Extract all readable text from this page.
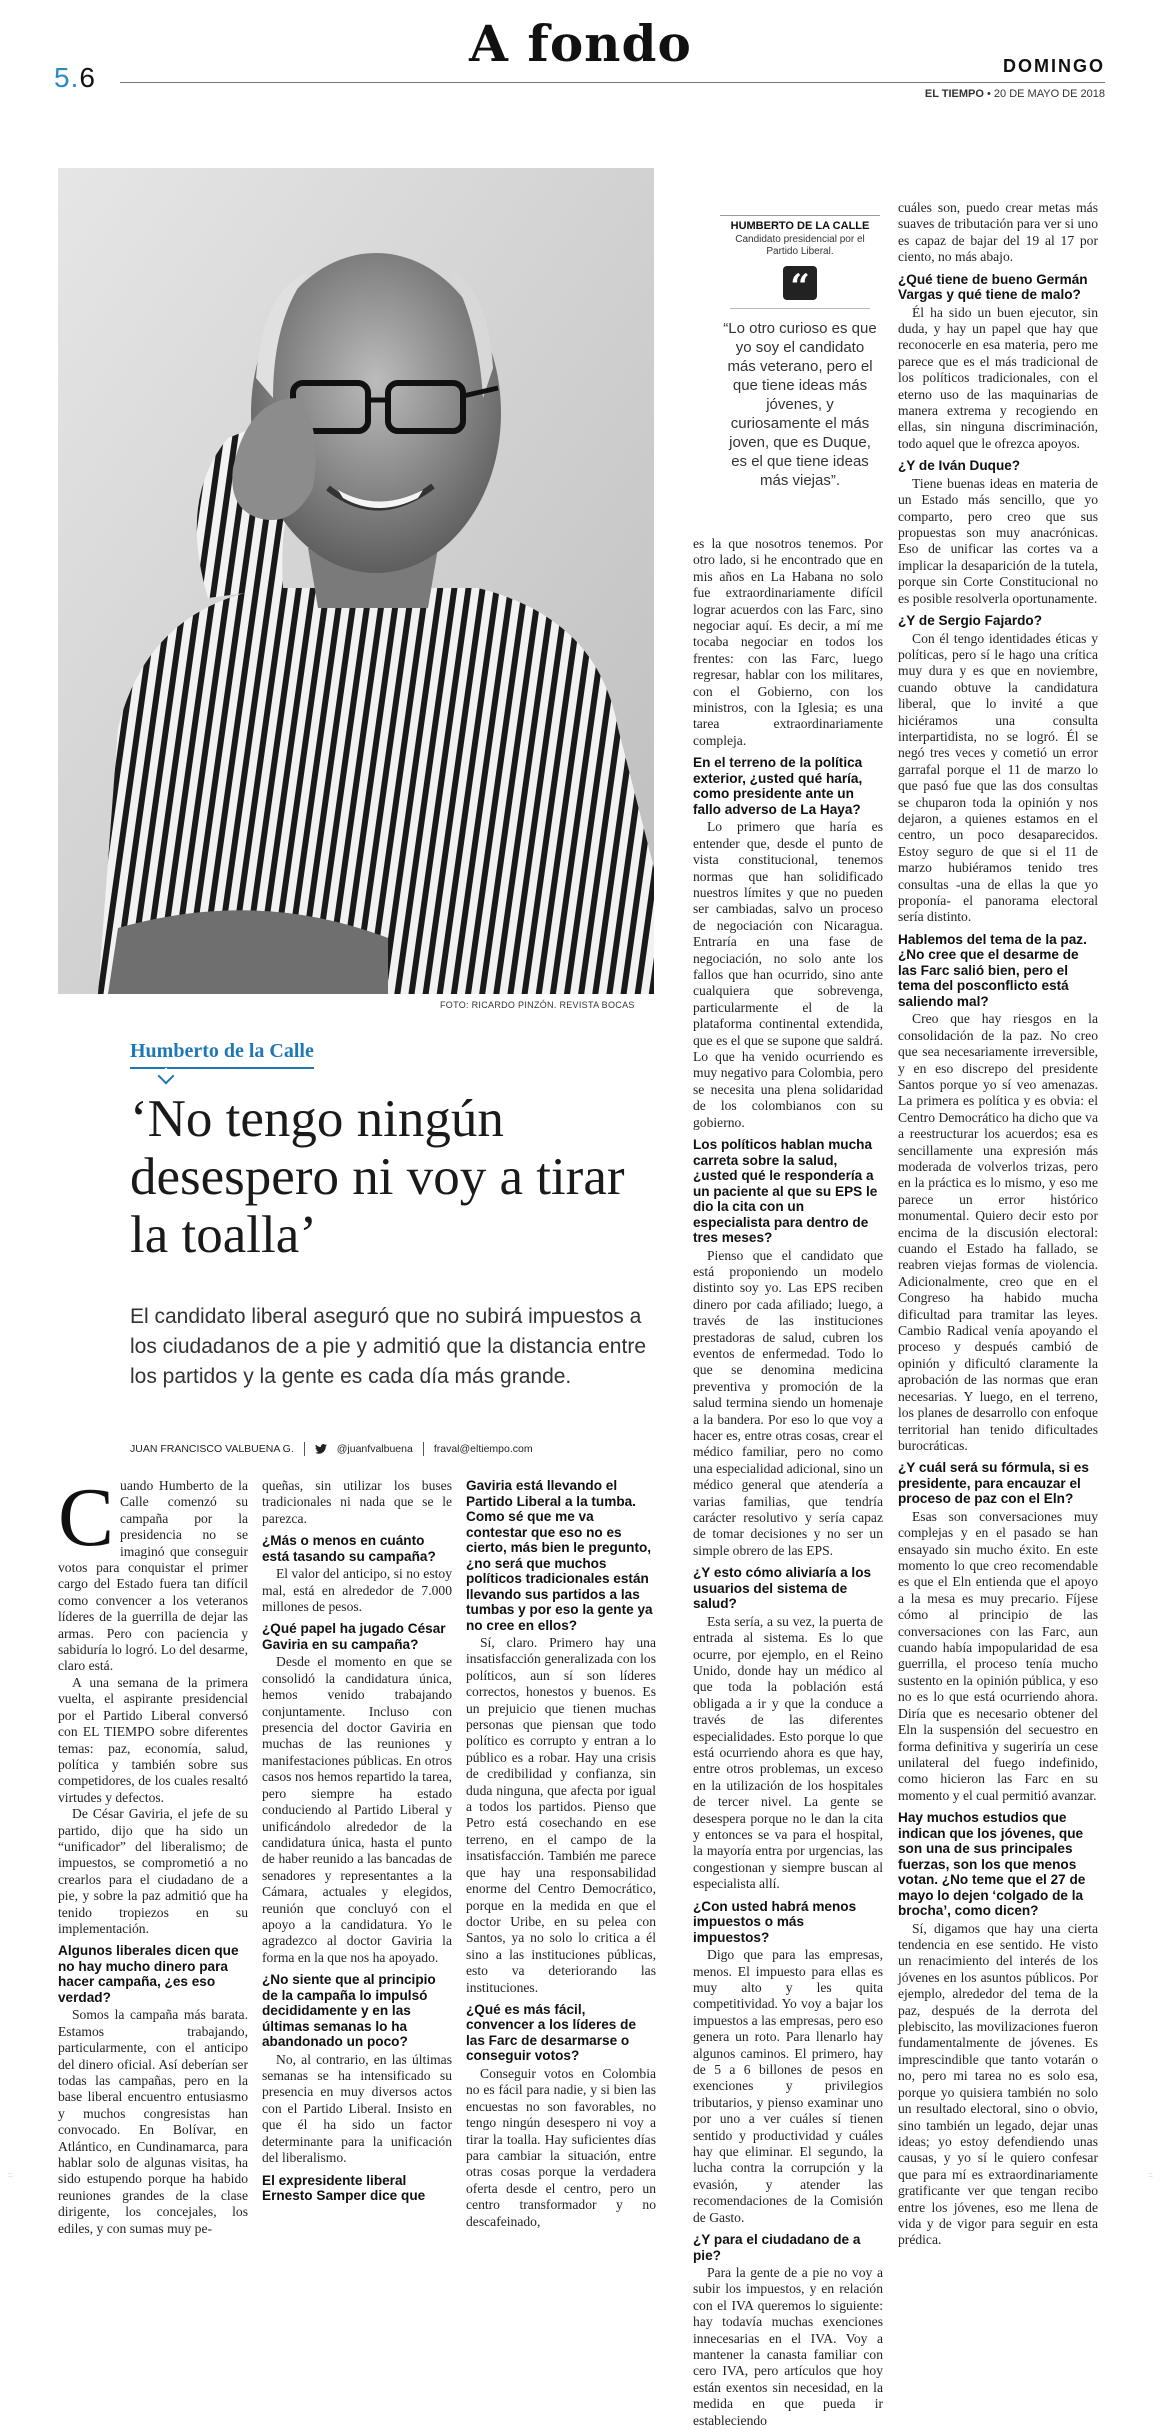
5.6
A fondo	DOMINGO
EL TIEMPO • 20 DE MAYO DE 2018
FOTO: RICARDO PINZÓN. REVISTA BOCAS
Humberto de la Calle
‘No tengo ningún desespero ni voy a tirar la toalla’
El candidato liberal aseguró que no subirá impuestos a los ciudadanos de a pie y admitió que la distancia entre los partidos y la gente es cada día más grande.
JUAN FRANCISCO VALBUENA G.	@juanfvalbuena fraval@eltiempo.com

Cuando Humberto de la Calle comenzó su campaña por la presidencia no se imaginó que conseguir votos para conquistar el primer cargo del Estado fuera tan difícil como convencer a los veteranos líderes de la guerrilla de dejar las armas. Pero con paciencia y sabiduría lo logró. Lo del desarme, claro está.

A una semana de la primera vuelta, el aspirante presidencial por el Partido Liberal conversó con EL TIEMPO sobre diferentes temas: paz, economía, salud, política y también sobre sus competidores, de los cuales resaltó virtudes y defectos.

De César Gaviria, el jefe de su partido, dijo que ha sido un “unificador” del liberalismo; de impuestos, se comprometió a no crearlos para el ciudadano de a pie, y sobre la paz admitió que ha tenido tropiezos en su implementación.

Algunos liberales dicen que no hay mucho dinero para hacer campaña, ¿es eso verdad?

Somos la campaña más barata. Estamos trabajando, particularmente, con el anticipo del dinero oficial. Así deberían ser todas las campañas, pero en la base liberal encuentro entusiasmo y muchos congresistas han convocado. En Bolívar, en Atlántico, en Cundinamarca, para hablar solo de algunas visitas, ha sido estupendo porque ha habido reuniones grandes de la clase dirigente, los concejales, los ediles, y con sumas muy pe-

queñas, sin utilizar los buses tradicionales ni nada que se le parezca.

¿Más o menos en cuánto está tasando su campaña?

El valor del anticipo, si no estoy mal, está en alrededor de 7.000 millones de pesos.

¿Qué papel ha jugado César Gaviria en su campaña?

Desde el momento en que se consolidó la candidatura única, hemos venido trabajando conjuntamente. Incluso con presencia del doctor Gaviria en muchas de las reuniones y manifestaciones públicas. En otros casos nos hemos repartido la tarea, pero siempre ha estado conduciendo al Partido Liberal y unificándolo alrededor de la candidatura única, hasta el punto de haber reunido a las bancadas de senadores y representantes a la Cámara, actuales y elegidos, reunión que concluyó con el apoyo a la candidatura. Yo le agradezco al doctor Gaviria la forma en la que nos ha apoyado.

¿No siente que al principio de la campaña lo impulsó decididamente y en las últimas semanas lo ha abandonado un poco?

No, al contrario, en las últimas semanas se ha intensificado su presencia en muy diversos actos con el Partido Liberal. Insisto en que él ha sido un factor determinante para la unificación del liberalismo.

El expresidente liberal Ernesto Samper dice que
Gaviria está llevando el Partido Liberal a la tumba. Como sé que me va contestar que eso no es cierto, más bien le pregunto, ¿no será que muchos políticos tradicionales están llevando sus partidos a las tumbas y por eso la gente ya no cree en ellos?

Sí, claro. Primero hay una insatisfacción generalizada con los políticos, aun sí son líderes correctos, honestos y buenos. Es un prejuicio que tienen muchas personas que piensan que todo político es corrupto y entran a lo público es a robar. Hay una crisis de credibilidad y confianza, sin duda ninguna, que afecta por igual a todos los partidos. Pienso que Petro está cosechando en ese terreno, en el campo de la insatisfacción. También me parece que hay una responsabilidad enorme del Centro Democrático, porque en la medida en que el doctor Uribe, en su pelea con Santos, ya no solo lo critica a él sino a las instituciones públicas, esto va deteriorando las instituciones.

¿Qué es más fácil, convencer a los líderes de las Farc de desarmarse o conseguir votos?

Conseguir votos en Colombia no es fácil para nadie, y si bien las encuestas no son favorables, no tengo ningún desespero ni voy a tirar la toalla. Hay suficientes días para cambiar la situación, entre otras cosas porque la verdadera oferta desde el centro, pero un centro transformador y no descafeinado,

HUMBERTO DE LA CALLE
Candidato presidencial por el Partido Liberal.
“
“Lo otro curioso es que yo soy el candidato más veterano, pero el que tiene ideas más jóvenes, y curiosamente el más joven, que es Duque, es el que tiene ideas más viejas”.

es la que nosotros tenemos. Por otro lado, si he encontrado que en mis años en La Habana no solo fue extraordinariamente difícil lograr acuerdos con las Farc, sino negociar aquí. Es decir, a mí me tocaba negociar en todos los frentes: con las Farc, luego regresar, hablar con los militares, con el Gobierno, con los ministros, con la Iglesia; es una tarea extraordinariamente compleja.

En el terreno de la política exterior, ¿usted qué haría, como presidente ante un fallo adverso de La Haya?

Lo primero que haría es entender que, desde el punto de vista constitucional, tenemos normas que han solidificado nuestros límites y que no pueden ser cambiadas, salvo un proceso de negociación con Nicaragua. Entraría en una fase de negociación, no solo ante los fallos que han ocurrido, sino ante cualquiera que sobrevenga, particularmente el de la plataforma continental extendida, que es el que se supone que saldrá. Lo que ha venido ocurriendo es muy negativo para Colombia, pero se necesita una plena solidaridad de los colombianos con su gobierno.

Los políticos hablan mucha carreta sobre la salud, ¿usted qué le respondería a un paciente al que su EPS le dio la cita con un especialista para dentro de tres meses?

Pienso que el candidato que está proponiendo un modelo distinto soy yo. Las EPS reciben dinero por cada afiliado; luego, a través de las instituciones prestadoras de salud, cubren los eventos de enfermedad. Todo lo que se denomina medicina preventiva y promoción de la salud termina siendo un homenaje a la bandera. Por eso lo que voy a hacer es, entre otras cosas, crear el médico familiar, pero no como una especialidad adicional, sino un médico general que atendería a varias familias, que tendría carácter resolutivo y sería capaz de tomar decisiones y no ser un simple obrero de las EPS.

¿Y esto cómo aliviaría a los usuarios del sistema de salud?

Esta sería, a su vez, la puerta de entrada al sistema. Es lo que ocurre, por ejemplo, en el Reino Unido, donde hay un médico al que toda la población está obligada a ir y que la conduce a través de las diferentes especialidades. Esto porque lo que está ocurriendo ahora es que hay, entre otros problemas, un exceso en la utilización de los hospitales de tercer nivel. La gente se desespera porque no le dan la cita y entonces se va para el hospital, la mayoría entra por urgencias, las congestionan y siempre buscan al especialista allí.

¿Con usted habrá menos impuestos o más impuestos?

Digo que para las empresas, menos. El impuesto para ellas es muy alto y les quita competitividad. Yo voy a bajar los impuestos a las empresas, pero eso genera un roto. Para llenarlo hay algunos caminos. El primero, hay de 5 a 6 billones de pesos en exenciones y privilegios tributarios, y pienso examinar uno por uno a ver cuáles sí tienen sentido y productividad y cuáles hay que eliminar. El segundo, la lucha contra la corrupción y la evasión, y atender las recomendaciones de la Comisión de Gasto.

¿Y para el ciudadano de a pie?

Para la gente de a pie no voy a subir los impuestos, y en relación con el IVA queremos lo siguiente: hay todavía muchas exenciones innecesarias en el IVA. Voy a mantener la canasta familiar con cero IVA, pero artículos que hoy están exentos sin necesidad, en la medida en que pueda ir estableciendo

cuáles son, puedo crear metas más suaves de tributación para ver si uno es capaz de bajar del 19 al 17 por ciento, no más abajo.

¿Qué tiene de bueno Germán Vargas y qué tiene de malo?

Él ha sido un buen ejecutor, sin duda, y hay un papel que hay que reconocerle en esa materia, pero me parece que es el más tradicional de los políticos tradicionales, con el eterno uso de las maquinarias de manera extrema y recogiendo en ellas, sin ninguna discriminación, todo aquel que le ofrezca apoyos.

¿Y de Iván Duque?

Tiene buenas ideas en materia de un Estado más sencillo, que yo comparto, pero creo que sus propuestas son muy anacrónicas. Eso de unificar las cortes va a implicar la desaparición de la tutela, porque sin Corte Constitucional no es posible resolverla oportunamente.

¿Y de Sergio Fajardo?

Con él tengo identidades éticas y políticas, pero sí le hago una crítica muy dura y es que en noviembre, cuando obtuve la candidatura liberal, que lo invité a que hiciéramos una consulta interpartidista, no se logró. Él se negó tres veces y cometió un error garrafal porque el 11 de marzo lo que pasó fue que las dos consultas se chuparon toda la opinión y nos dejaron, a quienes estamos en el centro, un poco desaparecidos. Estoy seguro de que si el 11 de marzo hubiéramos tenido tres consultas -una de ellas la que yo proponía- el panorama electoral sería distinto.

Hablemos del tema de la paz. ¿No cree que el desarme de las Farc salió bien, pero el tema del posconflicto está saliendo mal?

Creo que hay riesgos en la consolidación de la paz. No creo que sea necesariamente irreversible, y en eso discrepo del presidente Santos porque yo sí veo amenazas. La primera es política y es obvia: el Centro Democrático ha dicho que va a reestructurar los acuerdos; esa es sencillamente una expresión más moderada de volverlos trizas, pero en la práctica es lo mismo, y eso me parece un error histórico monumental. Quiero decir esto por encima de la discusión electoral: cuando el Estado ha fallado, se reabren viejas formas de violencia. Adicionalmente, creo que en el Congreso ha habido mucha dificultad para tramitar las leyes. Cambio Radical venía apoyando el proceso y después cambió de opinión y dificultó claramente la aprobación de las normas que eran necesarias. Y luego, en el terreno, los planes de desarrollo con enfoque territorial han tenido dificultades burocráticas.

¿Y cuál será su fórmula, si es presidente, para encauzar el proceso de paz con el Eln?

Esas son conversaciones muy complejas y en el pasado se han ensayado sin mucho éxito. En este momento lo que creo recomendable es que el Eln entienda que el apoyo a la mesa es muy precario. Fíjese cómo al principio de las conversaciones con las Farc, aun cuando había impopularidad de esa guerrilla, el proceso tenía mucho sustento en la opinión pública, y eso no es lo que está ocurriendo ahora. Diría que es necesario obtener del Eln la suspensión del secuestro en forma definitiva y sugeriría un cese unilateral del fuego indefinido, como hicieron las Farc en su momento y el cual permitió avanzar.

Hay muchos estudios que indican que los jóvenes, que son una de sus principales fuerzas, son los que menos votan. ¿No teme que el 27 de mayo lo dejen ‘colgado de la brocha’, como dicen?

Sí, digamos que hay una cierta tendencia en ese sentido. He visto un renacimiento del interés de los jóvenes en los asuntos públicos. Por ejemplo, alrededor del tema de la paz, después de la derrota del plebiscito, las movilizaciones fueron fundamentalmente de jóvenes. Es imprescindible que tanto votarán o no, pero mi tarea no es solo esa, porque yo quisiera también no solo un resultado electoral, sino o obvio, sino también un legado, dejar unas ideas; yo estoy defendiendo unas causas, y yo sí le quiero confesar que para mí es extraordinariamente gratificante ver que tengan recibo entre los jóvenes, eso me llena de vida y de vigor para seguir en esta prédica.

::	::
